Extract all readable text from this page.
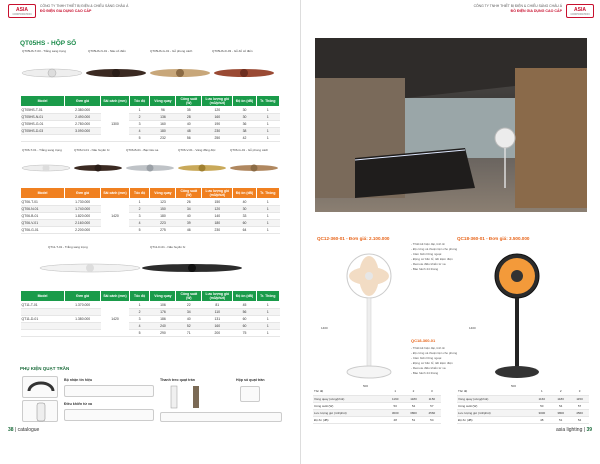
ASIA
CORPORATION
CÔNG TY TNHH THIẾT BỊ ĐIỆN & CHIẾU SÁNG CHÂU Á
ĐỒ ĐIỆN GIA DỤNG CAO CẤP
QT05HS - HỘP SỐ
QT05HS-T-03 - Trắng sang trọng	QT05HS-N-01 - Nâu cổ điển	QT05HS-G-01 - Gỗ phong cách	QT05HS-D-03 - Gỗ đỏ cổ điển
Model	Đơn giá	Sải cánh (mm)	Tốc độ	Vòng quay	Công suất (W)	Lưu lượng gió (m3/phút)	Độ ồn (dB)	Tr. Thông
QT05HS-T-01	2.380.000	1300	1	96	35	120	30	1
QT05HS-N-01	2.490.000		2	136	28	160	30	1
QT05HS-G-01	2.780.000		3	160	40	190	36	1
QT05HS-D-03	3.090.000		4	180	48	230	38	1
			5	232	56	250	42	1
QT06-T-01 - Trắng sang trọng	QT06-N-01 - Nâu huyền bí	QT06-B-01 - Bạc tiêu sa	QT06-V-01 - Vàng đồng độc	QT06-G-01 - Gỗ phong cách
Model	Đơn giá	Sải cánh (mm)	Tốc độ	Vòng quay	Công suất (W)	Lưu lượng gió (m3/phút)	Độ ồn (dB)	Tr. Thông
QT06-T-01	1.730.000	1420	1	123	26	150	40	1
QT06-N-01	1.740.000		2	150	34	120	30	1
QT06-B-01	1.820.000		3	180	40	140	33	1
QT06-V-01	2.160.000		4	223	39	180	60	1
QT06-G-01	2.200.000		5	275	46	230	64	1
QT11-T-01 - Trắng sang trọng	QT11-D-01 - Nâu huyền bí
Model	Đơn giá	Sải cánh (mm)	Tốc độ	Vòng quay	Công suất (W)	Lưu lượng gió (m3/phút)	Độ ồn (dB)	Tr. Thông
QT11-T-01	1.370.000	1420	1	106	22	81	45	1
			2	176	34	110	56	1
QT11-D-01	1.380.000		3	186	40	131	60	1
			4	240	52	160	60	1
			5	290	71	200	75	1
PHỤ KIỆN QUẠT TRẦN
Bộ nhận tín hiệu
Điều khiển từ xa
Thanh treo quạt trần	Hộp số quạt trần
38 | catalogue
ASIA
CORPORATION
CÔNG TY TNHH THIẾT BỊ ĐIỆN & CHIẾU SÁNG CHÂU Á
ĐỒ ĐIỆN GIA DỤNG CAO CẤP
QC12-360-01 - Đơn giá: 2.100.000	QC18-360-01 - Đơn giá: 3.500.000
1400
500
1400
500
QC18-360-01
- Thiết kế hiện đại, tinh tế
- Độ cứng và thuận tiện cho phòng
- Cảm biến hồng ngoại
- Động cơ bền bỉ, tiết kiệm điện
- Remote điều khiển từ xa
- Bảo hành 24 tháng
- Thiết kế hiện đại, tinh tế
- Độ cứng và thuận tiện cho phòng
- Cảm biến hồng ngoại
- Động cơ bền bỉ, tiết kiệm điện
- Remote điều khiển từ xa
- Bảo hành 24 tháng
Tốc độ	1	2	3
Vòng quay (vòng/phút)	1160	1180	1150
Công suất (W)	50	54	57
Lưu lượng gió (m3/phút)	3000	3800	4560
Độ ồn (dB)	48	51	54
Tốc độ	1	2	3
Vòng quay (vòng/phút)	1160	1180	1150
Công suất (W)	50	54	57
Lưu lượng gió (m3/phút)	3000	3800	4560
Độ ồn (dB)	48	51	54
asia lighting | 39
